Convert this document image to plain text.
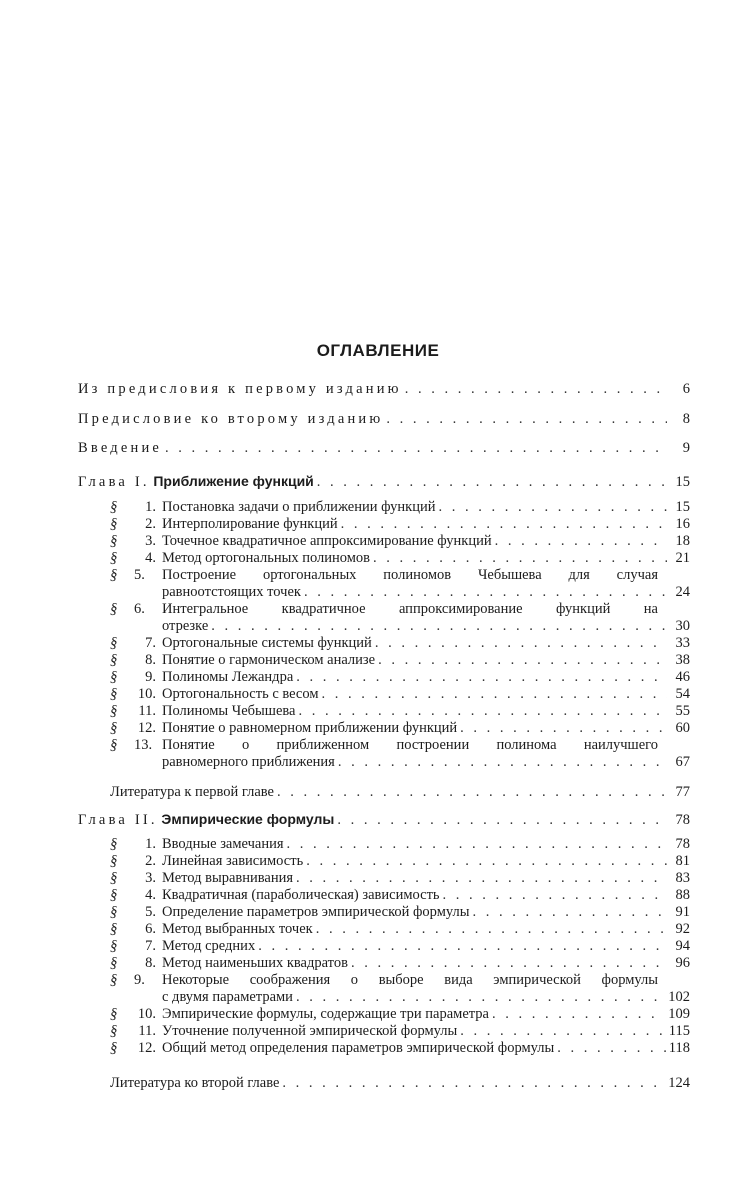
ОГЛАВЛЕНИЕ
Из предисловия к первому изданию . . .	6
Предисловие ко второму изданию . . .	8
Введение . . .	9
Глава I. Приближение функций . . .	15
§ 1. Постановка задачи о приближении функций . . .	15
§ 2. Интерполирование функций . . .	16
§ 3. Точечное квадратичное аппроксимирование функций . . .	18
§ 4. Метод ортогональных полиномов . . .	21
§ 5. Построение ортогональных полиномов Чебышева для случая
равноотстоящих точек . . .	24
§ 6. Интегральное квадратичное аппроксимирование функций на
отрезке . . .	30
§ 7. Ортогональные системы функций . . .	33
§ 8. Понятие о гармоническом анализе . . .	38
§ 9. Полиномы Лежандра . . .	46
§ 10. Ортогональность с весом . . .	54
§ 11. Полиномы Чебышева . . .	55
§ 12. Понятие о равномерном приближении функций . . .	60
§ 13. Понятие о приближенном построении полинома наилучшего
равномерного приближения . . .	67
Литература к первой главе . . .	77
Глава II. Эмпирические формулы . . .	78
§ 1. Вводные замечания . . .	78
§ 2. Линейная зависимость . . .	81
§ 3. Метод выравнивания . . .	83
§ 4. Квадратичная (параболическая) зависимость . . .	88
§ 5. Определение параметров эмпирической формулы . . .	91
§ 6. Метод выбранных точек . . .	92
§ 7. Метод средних . . .	94
§ 8. Метод наименьших квадратов . . .	96
§ 9. Некоторые соображения о выборе вида эмпирической формулы
с двумя параметрами . . .	102
§ 10. Эмпирические формулы, содержащие три параметра . . .	109
§ 11. Уточнение полученной эмпирической формулы . . .	115
§ 12. Общий метод определения параметров эмпирической формулы . . .	118
Литература ко второй главе . . .	124
